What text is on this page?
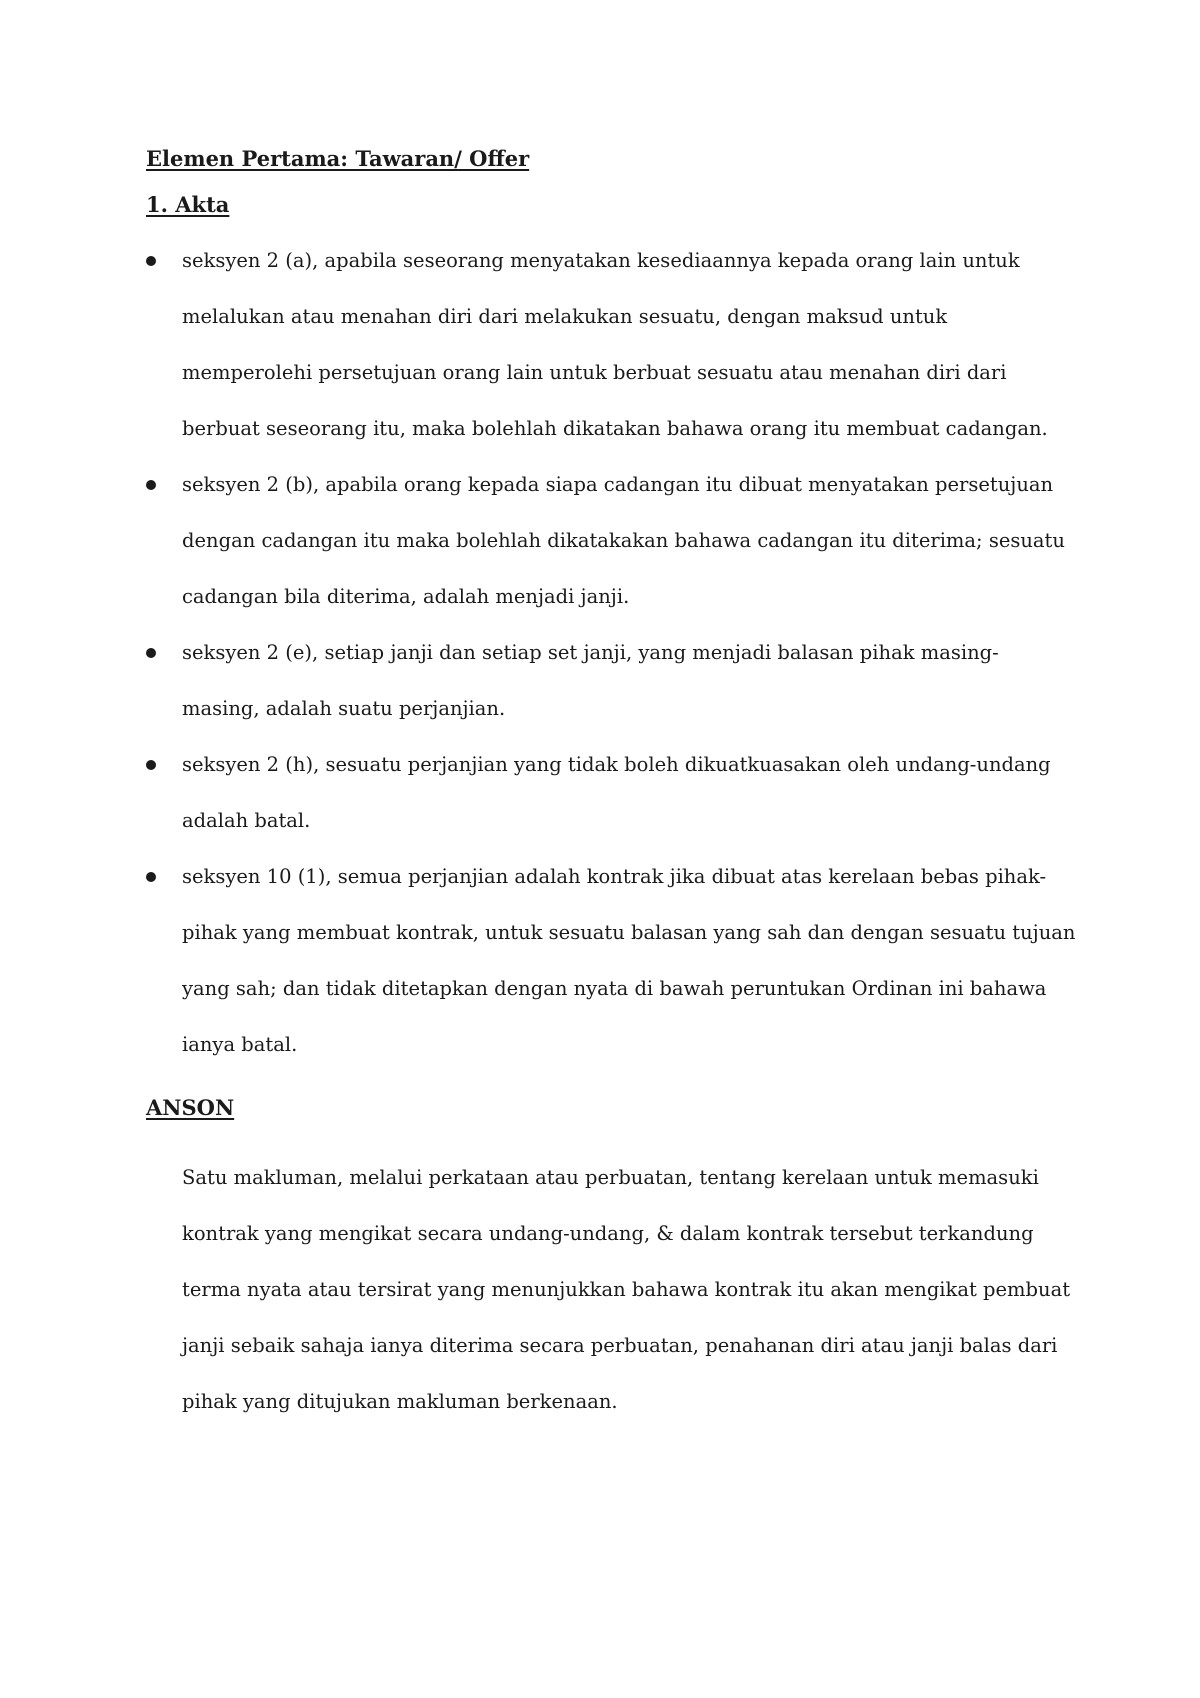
Elemen Pertama: Tawaran/ Offer
1. Akta
seksyen 2 (a), apabila seseorang menyatakan kesediaannya kepada orang lain untuk melalukan atau menahan diri dari melakukan sesuatu, dengan maksud untuk memperolehi persetujuan orang lain untuk berbuat sesuatu atau menahan diri dari berbuat seseorang itu, maka bolehlah dikatakan bahawa orang itu membuat cadangan.
seksyen 2 (b), apabila orang kepada siapa cadangan itu dibuat menyatakan persetujuan dengan cadangan itu maka bolehlah dikatakakan bahawa cadangan itu diterima; sesuatu cadangan bila diterima, adalah menjadi janji.
seksyen 2 (e), setiap janji dan setiap set janji, yang menjadi balasan pihak masing-masing, adalah suatu perjanjian.
seksyen 2 (h), sesuatu perjanjian yang tidak boleh dikuatkuasakan oleh undang-undang adalah batal.
seksyen 10 (1), semua perjanjian adalah kontrak jika dibuat atas kerelaan bebas pihak-pihak yang membuat kontrak, untuk sesuatu balasan yang sah dan dengan sesuatu tujuan yang sah; dan tidak ditetapkan dengan nyata di bawah peruntukan Ordinan ini bahawa ianya batal.
ANSON

Satu makluman, melalui perkataan atau perbuatan, tentang kerelaan untuk memasuki kontrak yang mengikat secara undang-undang, & dalam kontrak tersebut terkandung terma nyata atau tersirat yang menunjukkan bahawa kontrak itu akan mengikat pembuat janji sebaik sahaja ianya diterima secara perbuatan, penahanan diri atau janji balas dari pihak yang ditujukan makluman berkenaan.
